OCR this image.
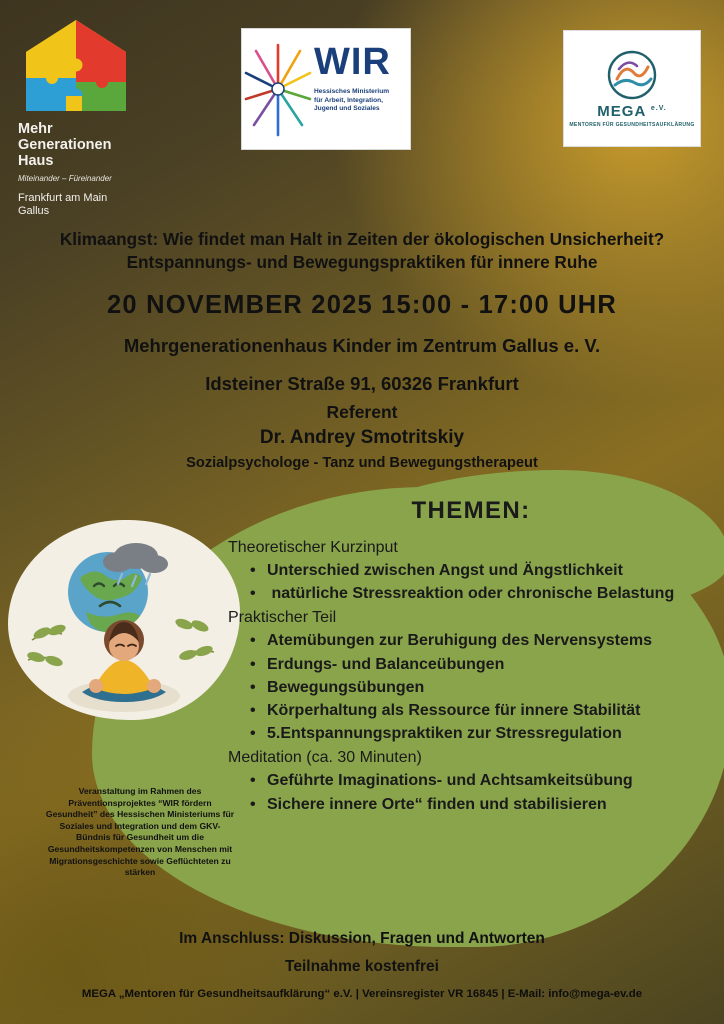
Mehr
Generationen
Haus
Miteinander – Füreinander
Frankfurt am Main
Gallus
WIR
Hessisches Ministerium
für Arbeit, Integration,
Jugend und Soziales	MEGA $^{e.V.}$
MENTOREN FÜR GESUNDHEITSAUFKLÄRUNG
Klimaangst: Wie findet man Halt in Zeiten der ökologischen Unsicherheit?
Entspannungs- und Bewegungspraktiken für innere Ruhe
20 NOVEMBER 2025 15:00 - 17:00 UHR
Mehrgenerationenhaus Kinder im Zentrum Gallus e. V.
Idsteiner Straße 91, 60326 Frankfurt
Referent
Dr. Andrey Smotritskiy
Sozialpsychologe - Tanz und Bewegungstherapeut
THEMEN:
Theoretischer Kurzinput
• Unterschied zwischen Angst und Ängstlichkeit
• natürliche Stressreaktion oder chronische Belastung
Praktischer Teil
• Atemübungen zur Beruhigung des Nervensystems
• Erdungs- und Balanceübungen
• Bewegungsübungen
• Körperhaltung als Ressource für innere Stabilität
• 5.Entspannungspraktiken zur Stressregulation
Meditation (ca. 30 Minuten)
• Geführte Imaginations- und Achtsamkeitsübung
• Sichere innere Orte“ finden und stabilisieren
Veranstaltung im Rahmen des Präventionsprojektes “WIR fördern Gesundheit” des Hessischen Ministeriums für Soziales und Integration und dem GKV-Bündnis für Gesundheit um die Gesundheitskompetenzen von Menschen mit Migrationsgeschichte sowie Geflüchteten zu stärken
Im Anschluss: Diskussion, Fragen und Antworten
Teilnahme kostenfrei
MEGA „Mentoren für Gesundheitsaufklärung“ e.V. | Vereinsregister VR 16845 | E-Mail: info@mega-ev.de
